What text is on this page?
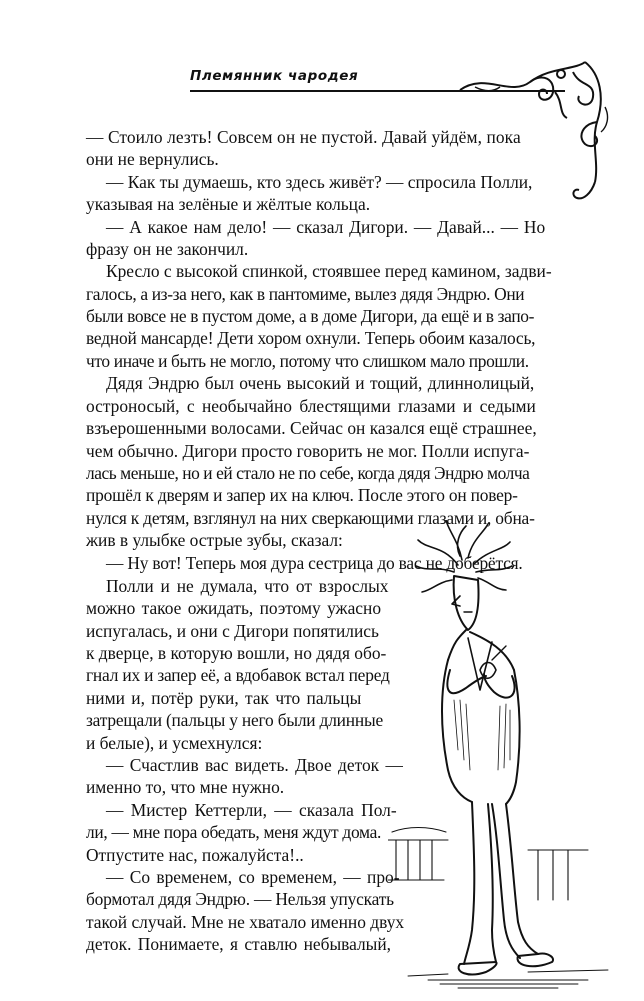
Племянник чародея

— Стоило лезть! Совсем он не пустой. Давай уйдём, пока

они не вернулись.

— Как ты думаешь, кто здесь живёт? — спросила Полли,

указывая на зелёные и жёлтые кольца.

— А какое нам дело! — сказал Дигори. — Давай... — Но

фразу он не закончил.

Кресло с высокой спинкой, стоявшее перед камином, задви-

галось, а из-за него, как в пантомиме, вылез дядя Эндрю. Они

были вовсе не в пустом доме, а в доме Дигори, да ещё и в запо-

ведной мансарде! Дети хором охнули. Теперь обоим казалось,

что иначе и быть не могло, потому что слишком мало прошли.

Дядя Эндрю был очень высокий и тощий, длиннолицый,

остроносый, с необычайно блестящими глазами и седыми

взъерошенными волосами. Сейчас он казался ещё страшнее,

чем обычно. Дигори просто говорить не мог. Полли испуга-

лась меньше, но и ей стало не по себе, когда дядя Эндрю молча

прошёл к дверям и запер их на ключ. После этого он повер-

нулся к детям, взглянул на них сверкающими глазами и, обна-

жив в улыбке острые зубы, сказал:

— Ну вот! Теперь моя дура сестрица до вас не доберётся.

Полли и не думала, что от взрослых

можно такое ожидать, поэтому ужасно

испугалась, и они с Дигори попятились

к дверце, в которую вошли, но дядя обо-

гнал их и запер её, а вдобавок встал перед

ними и, потёр руки, так что пальцы

затрещали (пальцы у него были длинные

и белые), и усмехнулся:

— Счастлив вас видеть. Двое деток —

именно то, что мне нужно.

— Мистер Кеттерли, — сказала Пол-

ли, — мне пора обедать, меня ждут дома.

Отпустите нас, пожалуйста!..

— Со временем, со временем, — про-

бормотал дядя Эндрю. — Нельзя упускать

такой случай. Мне не хватало именно двух

деток. Понимаете, я ставлю небывалый,
